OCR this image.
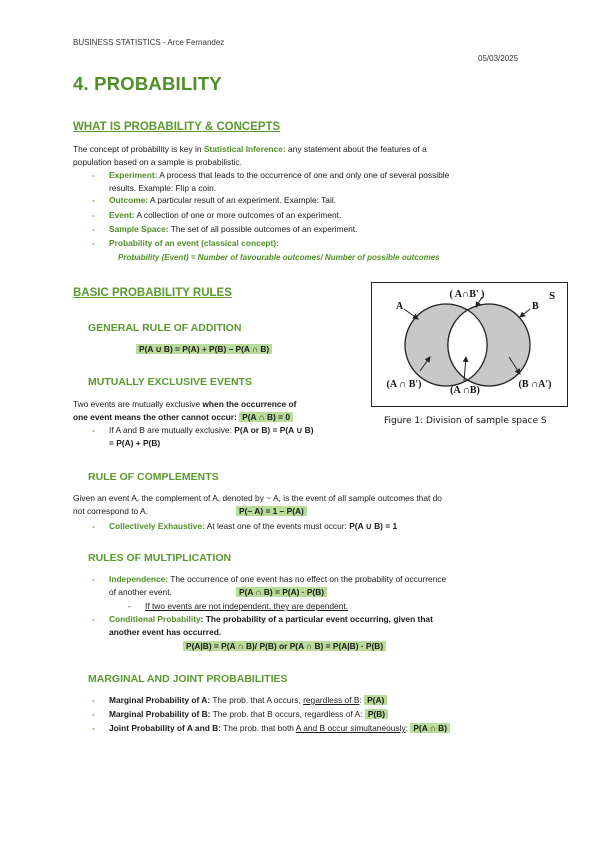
BUSINESS STATISTICS - Arce Fernandez
05/03/2025
4. PROBABILITY
WHAT IS PROBABILITY & CONCEPTS
The concept of probability is key in Statistical Inference: any statement about the features of a
population based on a sample is probabilistic.
- Experiment: A process that leads to the occurrence of one and only one of several possible
results. Example: Flip a coin.
- Outcome: A particular result of an experiment. Example: Tail.
- Event: A collection of one or more outcomes of an experiment.
- Sample Space: The set of all possible outcomes of an experiment.
- Probability of an event (classical concept):
Probability (Event) = Number of favourable outcomes/ Number of possible outcomes
BASIC PROBABILITY RULES
GENERAL RULE OF ADDITION
P(A ∪ B) = P(A) + P(B) – P(A ∩ B)
MUTUALLY EXCLUSIVE EVENTS
Two events are mutually exclusive when the occurrence of
one event means the other cannot occur: P(A ∩ B) = 0
- If A and B are mutually exclusive: P(A or B) = P(A ∪ B)
= P(A) + P(B)
( A∩B' )	S
A	B
(A ∩ B')
(A ∩B)
(B ∩A')
Figure 1: Division of sample space S
RULE OF COMPLEMENTS
Given an event A, the complement of A, denoted by ~ A, is the event of all sample outcomes that do
not correspond to A.	P(~ A) = 1 – P(A)
- Collectively Exhaustive: At least one of the events must occur: P(A ∪ B) = 1
RULES OF MULTIPLICATION
- Independence: The occurrence of one event has no effect on the probability of occurrence
of another event.	P(A ∩ B) = P(A) · P(B)
- If two events are not independent, they are dependent.
- Conditional Probability: The probability of a particular event occurring, given that
another event has occurred.
P(A|B) = P(A ∩ B)/ P(B) or P(A ∩ B) = P(A|B) · P(B)
MARGINAL AND JOINT PROBABILITIES
- Marginal Probability of A: The prob. that A occurs, regardless of B: P(A)
- Marginal Probability of B: The prob. that B occurs, regardless of A: P(B)
- Joint Probability of A and B: The prob. that both A and B occur simultaneously: P(A ∩ B)
